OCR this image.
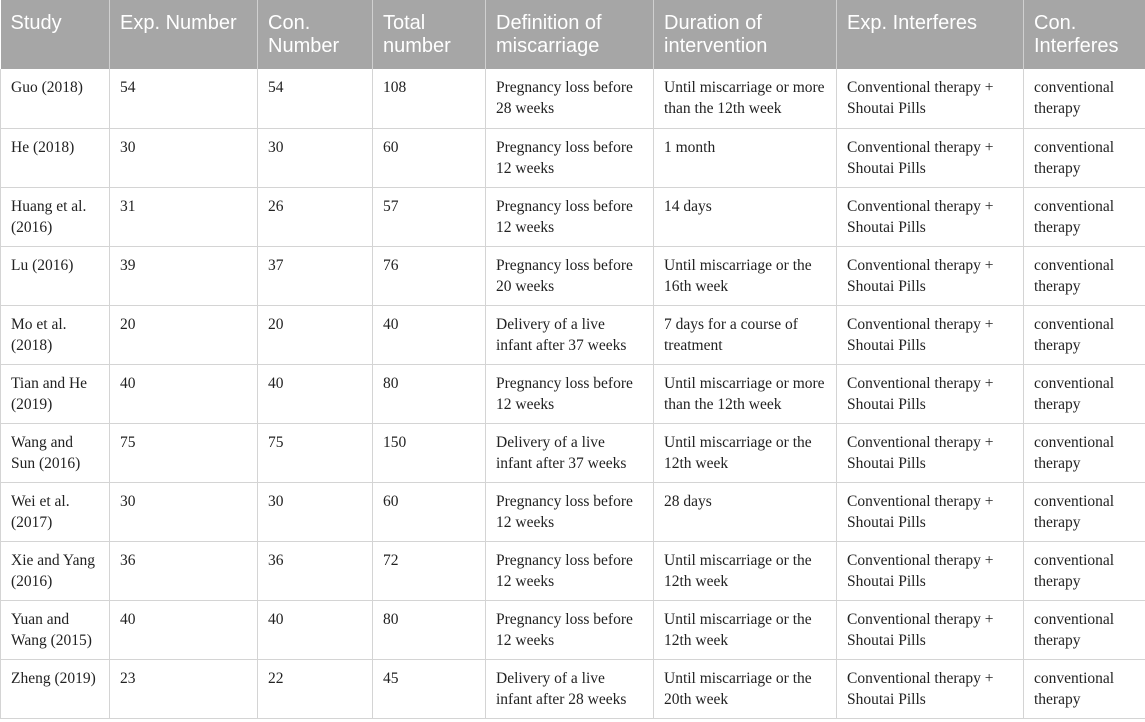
Study	Exp. Number	Con. Number	Total number	Definition of miscarriage	Duration of intervention	Exp. Interferes	Con. Interferes
Guo (2018)	54	54	108	Pregnancy loss before 28 weeks	Until miscarriage or more than the 12th week	Conventional therapy + Shoutai Pills	conventional therapy
He (2018)	30	30	60	Pregnancy loss before 12 weeks	1 month	Conventional therapy + Shoutai Pills	conventional therapy
Huang et al. (2016)	31	26	57	Pregnancy loss before 12 weeks	14 days	Conventional therapy + Shoutai Pills	conventional therapy
Lu (2016)	39	37	76	Pregnancy loss before 20 weeks	Until miscarriage or the 16th week	Conventional therapy + Shoutai Pills	conventional therapy
Mo et al. (2018)	20	20	40	Delivery of a live infant after 37 weeks	7 days for a course of treatment	Conventional therapy + Shoutai Pills	conventional therapy
Tian and He (2019)	40	40	80	Pregnancy loss before 12 weeks	Until miscarriage or more than the 12th week	Conventional therapy + Shoutai Pills	conventional therapy
Wang and Sun (2016)	75	75	150	Delivery of a live infant after 37 weeks	Until miscarriage or the 12th week	Conventional therapy + Shoutai Pills	conventional therapy
Wei et al. (2017)	30	30	60	Pregnancy loss before 12 weeks	28 days	Conventional therapy + Shoutai Pills	conventional therapy
Xie and Yang (2016)	36	36	72	Pregnancy loss before 12 weeks	Until miscarriage or the 12th week	Conventional therapy + Shoutai Pills	conventional therapy
Yuan and Wang (2015)	40	40	80	Pregnancy loss before 12 weeks	Until miscarriage or the 12th week	Conventional therapy + Shoutai Pills	conventional therapy
Zheng (2019)	23	22	45	Delivery of a live infant after 28 weeks	Until miscarriage or the 20th week	Conventional therapy + Shoutai Pills	conventional therapy
